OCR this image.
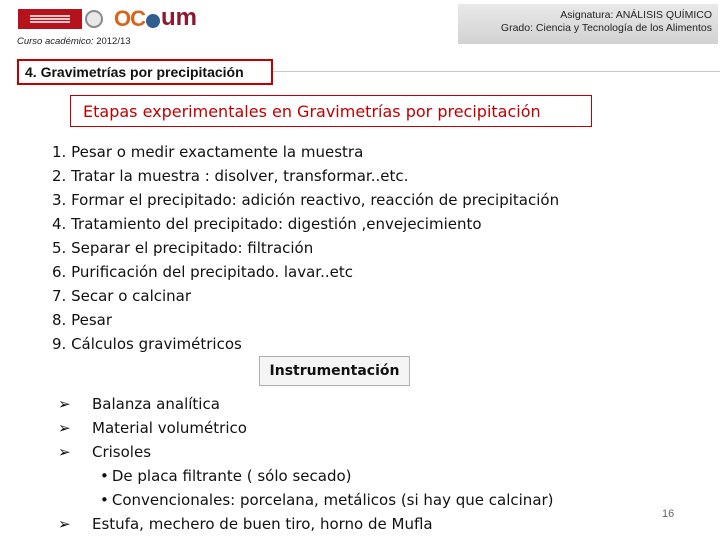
OC um
Curso académico: 2012/13
Asignatura: ANÁLISIS QUÍMICO
Grado: Ciencia y Tecnología de los Alimentos
4. Gravimetrías por precipitación
Etapas experimentales en Gravimetrías por precipitación
1. Pesar o medir exactamente la muestra
2. Tratar la muestra : disolver, transformar..etc.
3. Formar el precipitado: adición reactivo, reacción de precipitación
4. Tratamiento del precipitado: digestión ,envejecimiento
5. Separar el precipitado: filtración
6. Purificación del precipitado. lavar..etc
7. Secar o calcinar
8. Pesar
9. Cálculos gravimétricos
Instrumentación
➢ Balanza analítica
➢ Material volumétrico
➢ Crisoles
• De placa filtrante ( sólo secado)
• Convencionales: porcelana, metálicos (si hay que calcinar)
➢ Estufa, mechero de buen tiro, horno de Mufla
16
